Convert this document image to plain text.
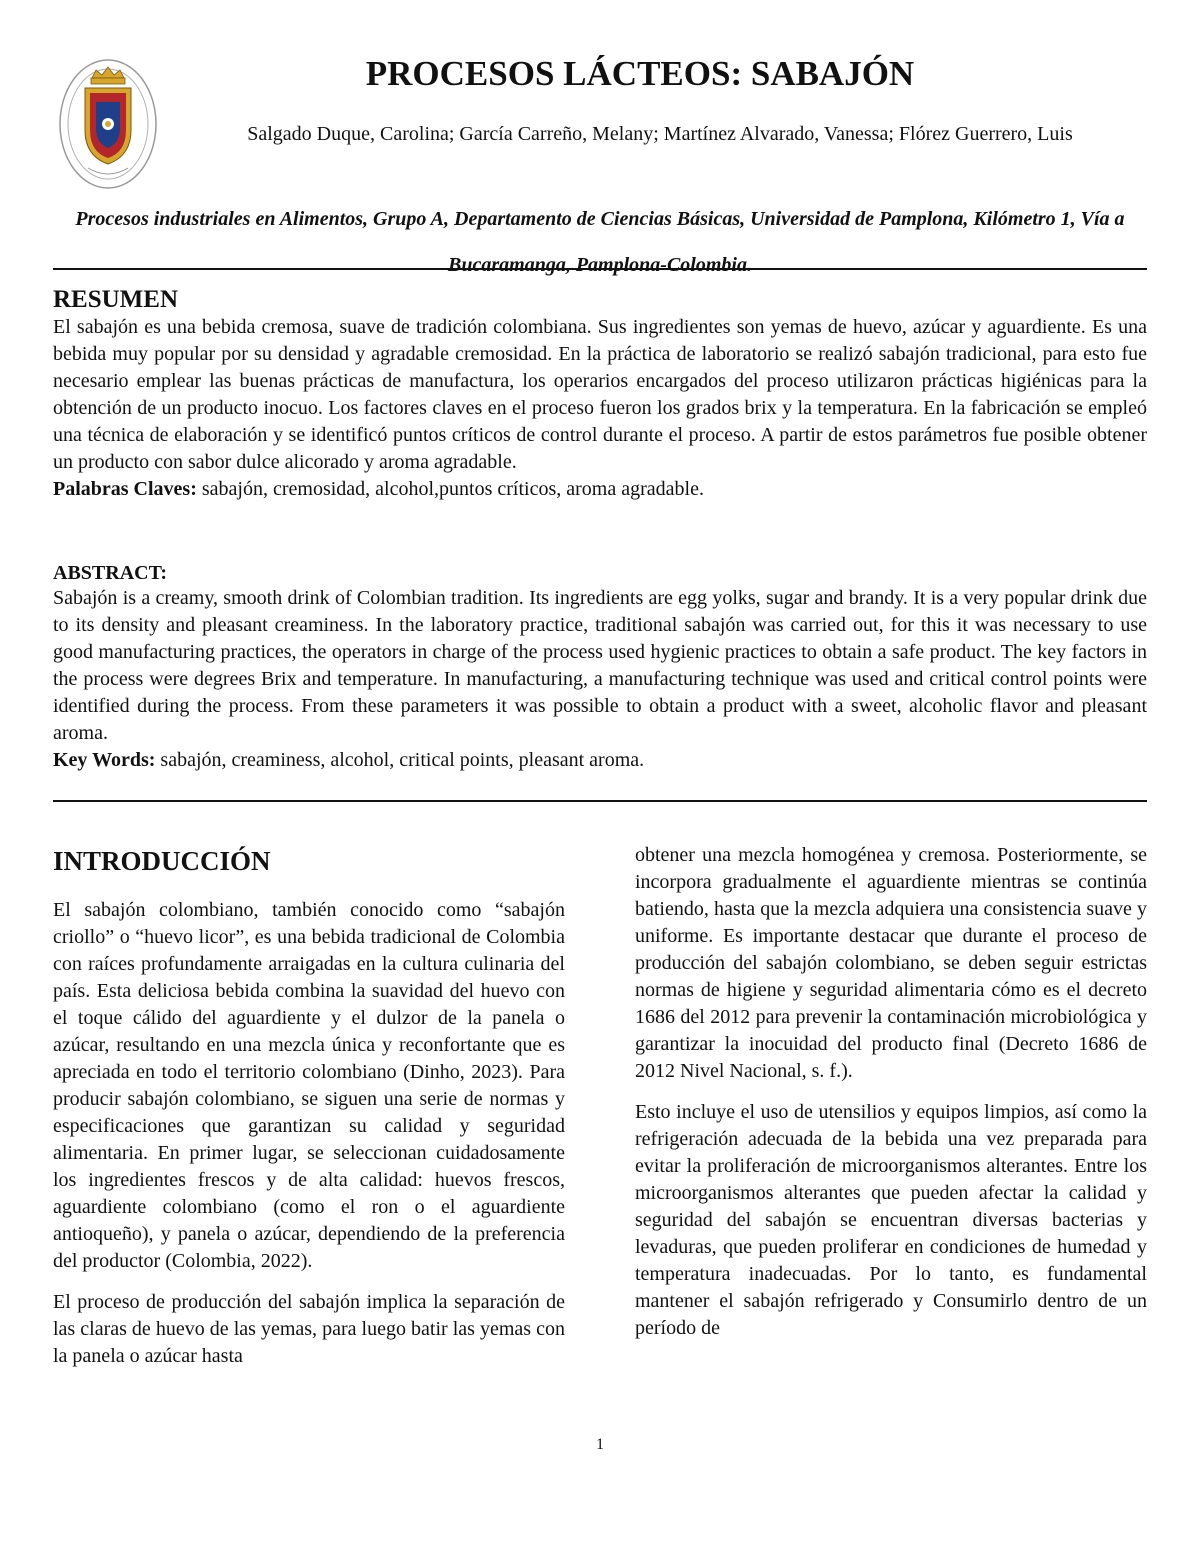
PROCESOS LÁCTEOS: SABAJÓN

Salgado Duque, Carolina; García Carreño, Melany; Martínez Alvarado, Vanessa; Flórez Guerrero, Luis

Procesos industriales en Alimentos, Grupo A, Departamento de Ciencias Básicas, Universidad de Pamplona, Kilómetro 1, Vía a Bucaramanga, Pamplona-Colombia.

RESUMEN

El sabajón es una bebida cremosa, suave de tradición colombiana. Sus ingredientes son yemas de huevo, azúcar y aguardiente. Es una bebida muy popular por su densidad y agradable cremosidad. En la práctica de laboratorio se realizó sabajón tradicional, para esto fue necesario emplear las buenas prácticas de manufactura, los operarios encargados del proceso utilizaron prácticas higiénicas para la obtención de un producto inocuo. Los factores claves en el proceso fueron los grados brix y la temperatura. En la fabricación se empleó una técnica de elaboración y se identificó puntos críticos de control durante el proceso. A partir de estos parámetros fue posible obtener un producto con sabor dulce alicorado y aroma agradable.

Palabras Claves: sabajón, cremosidad, alcohol,puntos críticos, aroma agradable.

ABSTRACT:

Sabajón is a creamy, smooth drink of Colombian tradition. Its ingredients are egg yolks, sugar and brandy. It is a very popular drink due to its density and pleasant creaminess. In the laboratory practice, traditional sabajón was carried out, for this it was necessary to use good manufacturing practices, the operators in charge of the process used hygienic practices to obtain a safe product. The key factors in the process were degrees Brix and temperature. In manufacturing, a manufacturing technique was used and critical control points were identified during the process. From these parameters it was possible to obtain a product with a sweet, alcoholic flavor and pleasant aroma.

Key Words: sabajón, creaminess, alcohol, critical points, pleasant aroma.

INTRODUCCIÓN

El sabajón colombiano, también conocido como “sabajón criollo” o “huevo licor”, es una bebida tradicional de Colombia con raíces profundamente arraigadas en la cultura culinaria del país. Esta deliciosa bebida combina la suavidad del huevo con el toque cálido del aguardiente y el dulzor de la panela o azúcar, resultando en una mezcla única y reconfortante que es apreciada en todo el territorio colombiano (Dinho, 2023). Para producir sabajón colombiano, se siguen una serie de normas y especificaciones que garantizan su calidad y seguridad alimentaria. En primer lugar, se seleccionan cuidadosamente los ingredientes frescos y de alta calidad: huevos frescos, aguardiente colombiano (como el ron o el aguardiente antioqueño), y panela o azúcar, dependiendo de la preferencia del productor (Colombia, 2022).

El proceso de producción del sabajón implica la separación de las claras de huevo de las yemas, para luego batir las yemas con la panela o azúcar hasta

obtener una mezcla homogénea y cremosa. Posteriormente, se incorpora gradualmente el aguardiente mientras se continúa batiendo, hasta que la mezcla adquiera una consistencia suave y uniforme. Es importante destacar que durante el proceso de producción del sabajón colombiano, se deben seguir estrictas normas de higiene y seguridad alimentaria cómo es el decreto 1686 del 2012 para prevenir la contaminación microbiológica y garantizar la inocuidad del producto final (Decreto 1686 de 2012 Nivel Nacional, s. f.).

Esto incluye el uso de utensilios y equipos limpios, así como la refrigeración adecuada de la bebida una vez preparada para evitar la proliferación de microorganismos alterantes. Entre los microorganismos alterantes que pueden afectar la calidad y seguridad del sabajón se encuentran diversas bacterias y levaduras, que pueden proliferar en condiciones de humedad y temperatura inadecuadas. Por lo tanto, es fundamental mantener el sabajón refrigerado y Consumirlo dentro de un período de

1
